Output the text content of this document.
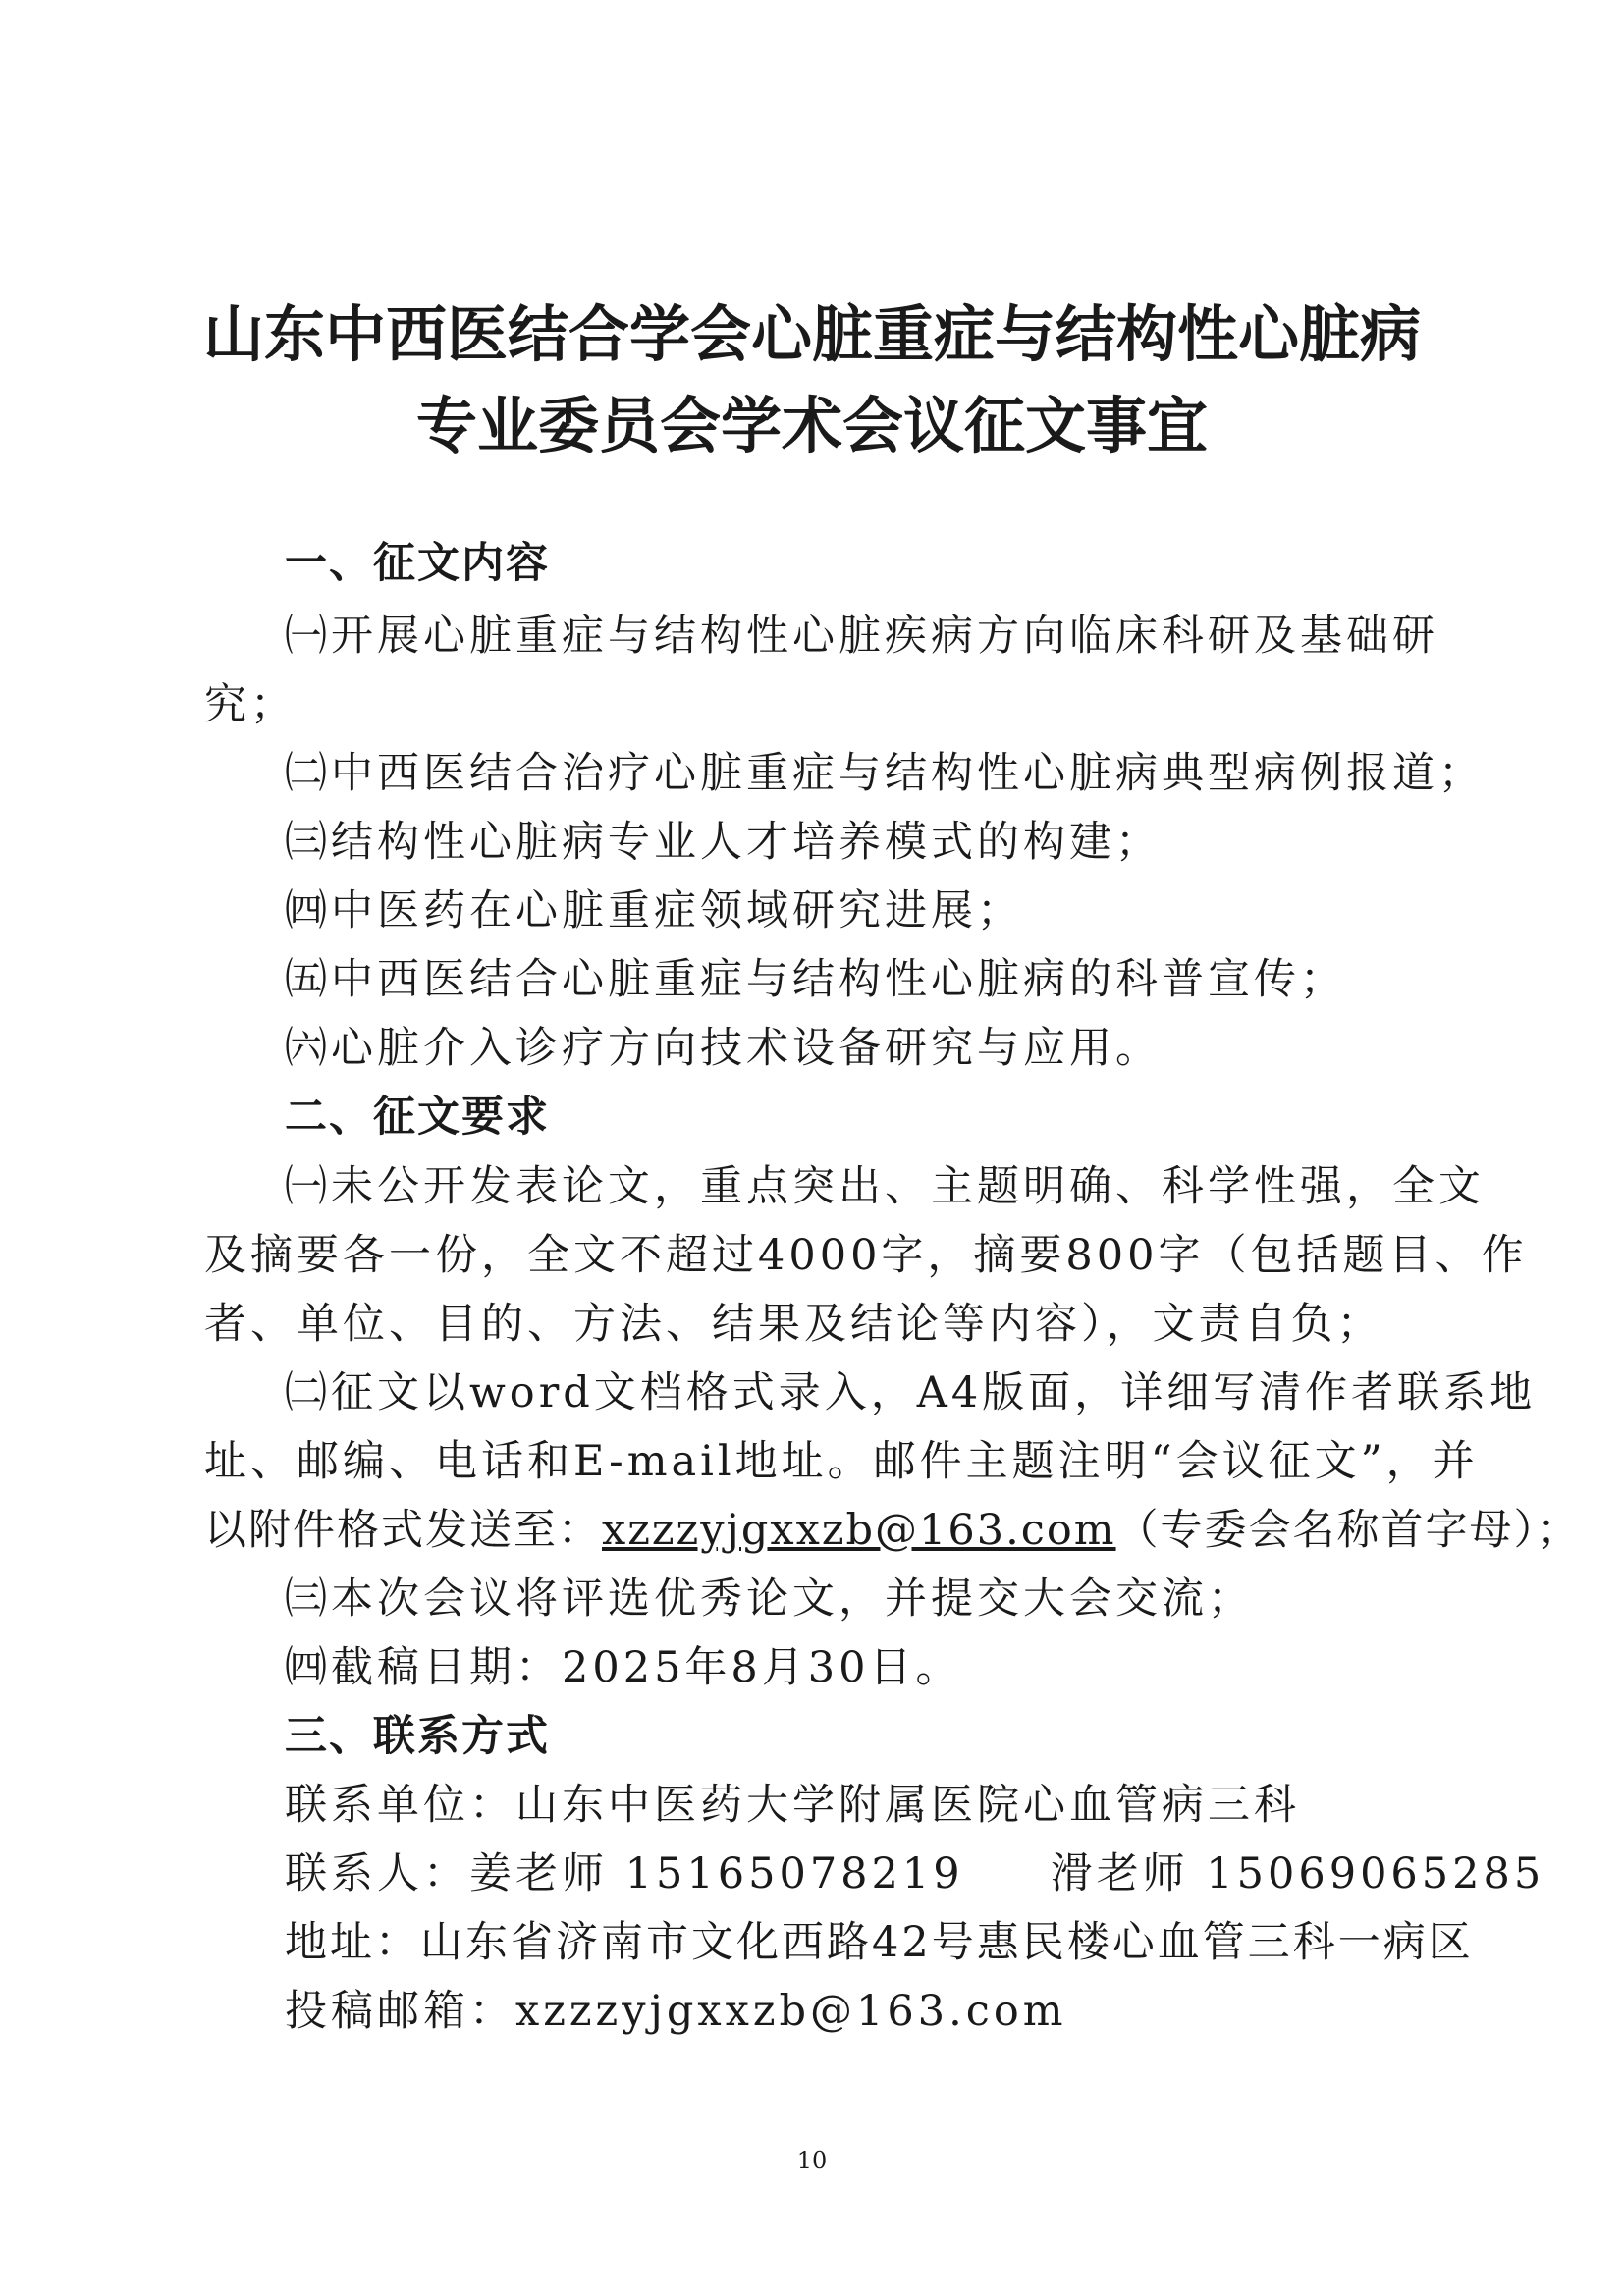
山东中西医结合学会心脏重症与结构性心脏病
专业委员会学术会议征文事宜
一、征文内容
㈠开展心脏重症与结构性心脏疾病方向临床科研及基础研
究；
㈡中西医结合治疗心脏重症与结构性心脏病典型病例报道；
㈢结构性心脏病专业人才培养模式的构建；
㈣中医药在心脏重症领域研究进展；
㈤中西医结合心脏重症与结构性心脏病的科普宣传；
㈥心脏介入诊疗方向技术设备研究与应用。
二、征文要求
㈠未公开发表论文，重点突出、主题明确、科学性强，全文
及摘要各一份，全文不超过4000字，摘要800字（包括题目、作
者、单位、目的、方法、结果及结论等内容），文责自负；
㈡征文以word文档格式录入，A4版面，详细写清作者联系地
址、邮编、电话和E-mail地址。邮件主题注明“会议征文”，并
以附件格式发送至：xzzzyjgxxzb@163.com（专委会名称首字母）；
㈢本次会议将评选优秀论文，并提交大会交流；
㈣截稿日期：2025年8月30日。
三、联系方式
联系单位：山东中医药大学附属医院心血管病三科
联系人：姜老师 15165078219 滑老师 15069065285
地址：山东省济南市文化西路42号惠民楼心血管三科一病区
投稿邮箱：xzzzyjgxxzb@163.com
10
